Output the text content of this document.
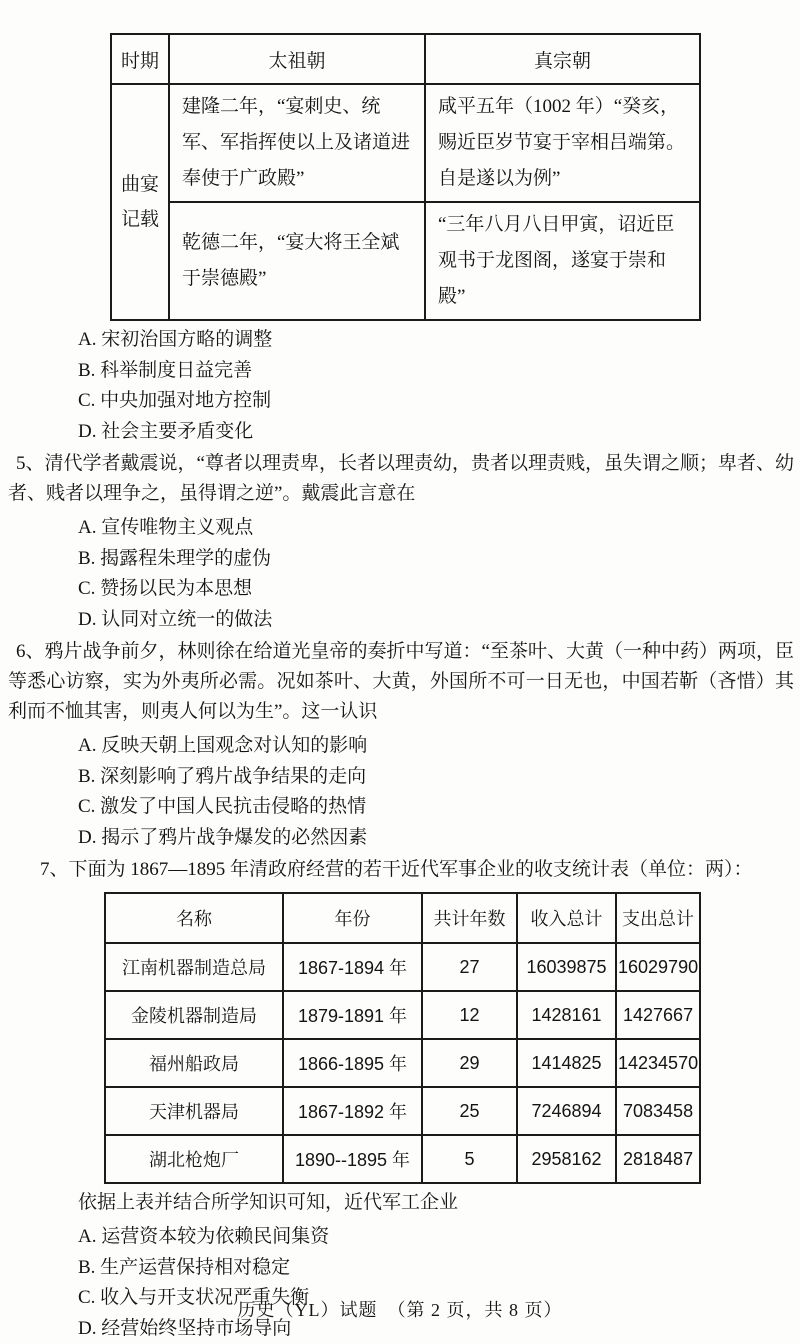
时期	太祖朝	真宗朝
曲宴记载	建隆二年，“宴刺史、统军、军指挥使以上及诸道进奉使于广政殿”	咸平五年（1002 年）“癸亥，赐近臣岁节宴于宰相吕端第。自是遂以为例”
	乾德二年，“宴大将王全斌于崇德殿”	“三年八月八日甲寅，诏近臣观书于龙图阁，遂宴于崇和殿”
A. 宋初治国方略的调整
B. 科举制度日益完善
C. 中央加强对地方控制
D. 社会主要矛盾变化

5、清代学者戴震说，“尊者以理责卑，长者以理责幼，贵者以理责贱，虽失谓之顺；卑者、幼者、贱者以理争之，虽得谓之逆”。戴震此言意在

A. 宣传唯物主义观点
B. 揭露程朱理学的虚伪
C. 赞扬以民为本思想
D. 认同对立统一的做法

6、鸦片战争前夕，林则徐在给道光皇帝的奏折中写道：“至茶叶、大黄（一种中药）两项，臣等悉心访察，实为外夷所必需。况如茶叶、大黄，外国所不可一日无也，中国若靳（吝惜）其利而不恤其害，则夷人何以为生”。这一认识

A. 反映天朝上国观念对认知的影响
B. 深刻影响了鸦片战争结果的走向
C. 激发了中国人民抗击侵略的热情
D. 揭示了鸦片战争爆发的必然因素

7、下面为 1867—1895 年清政府经营的若干近代军事企业的收支统计表（单位：两）：

名称	年份	共计年数	收入总计	支出总计
江南机器制造总局	1867-1894 年	27	16039875	16029790
金陵机器制造局	1879-1891 年	12	1428161	1427667
福州船政局	1866-1895 年	29	1414825	14234570
天津机器局	1867-1892 年	25	7246894	7083458
湖北枪炮厂	1890--1895 年	5	2958162	2818487

依据上表并结合所学知识可知，近代军工企业

A. 运营资本较为依赖民间集资
B. 生产运营保持相对稳定
C. 收入与开支状况严重失衡
D. 经营始终坚持市场导向
历史（YL）试题　（第 2 页，共 8 页）
